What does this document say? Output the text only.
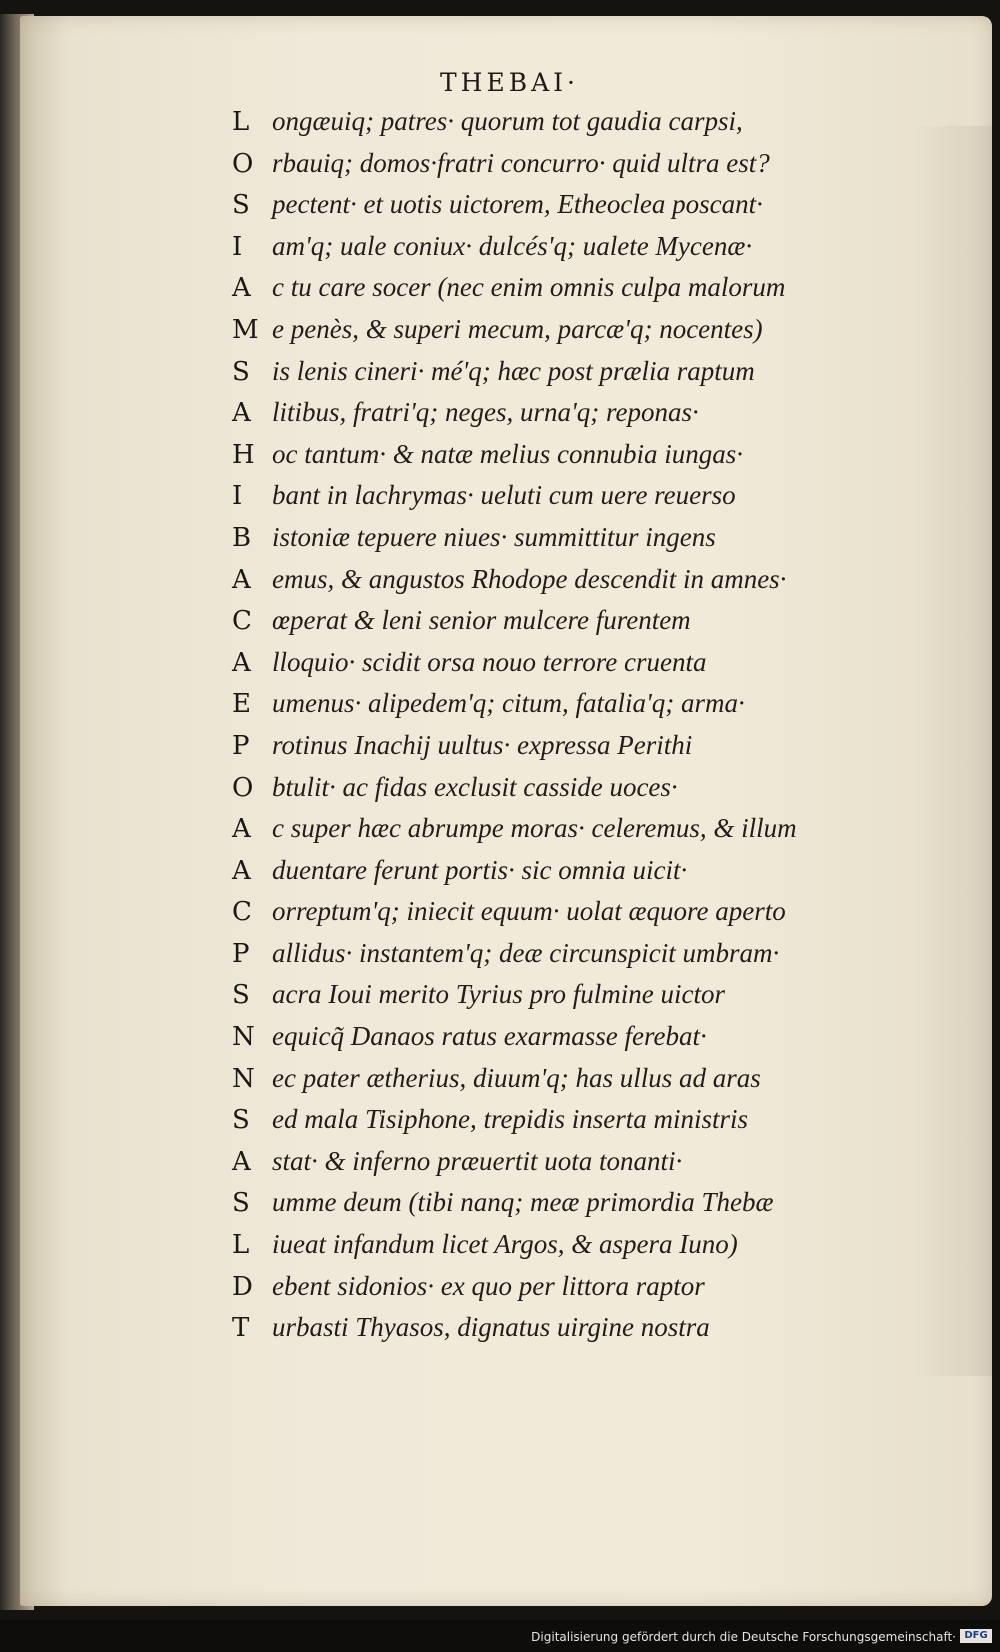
THEBAI·
L ongæuiq; patres· quorum tot gaudia carpsi,
O rbauiq; domos·fratri concurro· quid ultra est?
S pectent· et uotis uictorem, Etheoclea poscant·
I	am'q; uale coniux· dulcés'q; ualete Mycenæ·
A c tu care socer (nec enim omnis culpa malorum
M e penès, & superi mecum, parcæ'q; nocentes)
S is lenis cineri· mé'q; hæc post prælia raptum
A litibus, fratri'q; neges, urna'q; reponas·
H oc tantum· & natæ melius connubia iungas·
I	bant in lachrymas· ueluti cum uere reuerso
B istoniæ tepuere niues· summittitur ingens
A emus, & angustos Rhodope descendit in amnes·
C œperat & leni senior mulcere furentem
A lloquio· scidit orsa nouo terrore cruenta
E umenus· alipedem'q; citum, fatalia'q; arma·
P rotinus Inachij uultus· expressa Perithi
O btulit· ac fidas exclusit casside uoces·
A c super hæc abrumpe moras· celeremus, & illum
A duentare ferunt portis· sic omnia uicit·
C orreptum'q; iniecit equum· uolat æquore aperto
P allidus· instantem'q; deæ circunspicit umbram·
S acra Ioui merito Tyrius pro fulmine uictor
N equicq̃ Danaos ratus exarmasse ferebat·
N ec pater ætherius, diuum'q; has ullus ad aras
S ed mala Tisiphone, trepidis inserta ministris
A stat· & inferno præuertit uota tonanti·
S umme deum (tibi nanq; meæ primordia Thebæ
L iueat infandum licet Argos, & aspera Iuno)
D ebent sidonios· ex quo per littora raptor
T urbasti Thyasos, dignatus uirgine nostra
Digitalisierung gefördert durch die Deutsche Forschungsgemeinschaft· DFG
